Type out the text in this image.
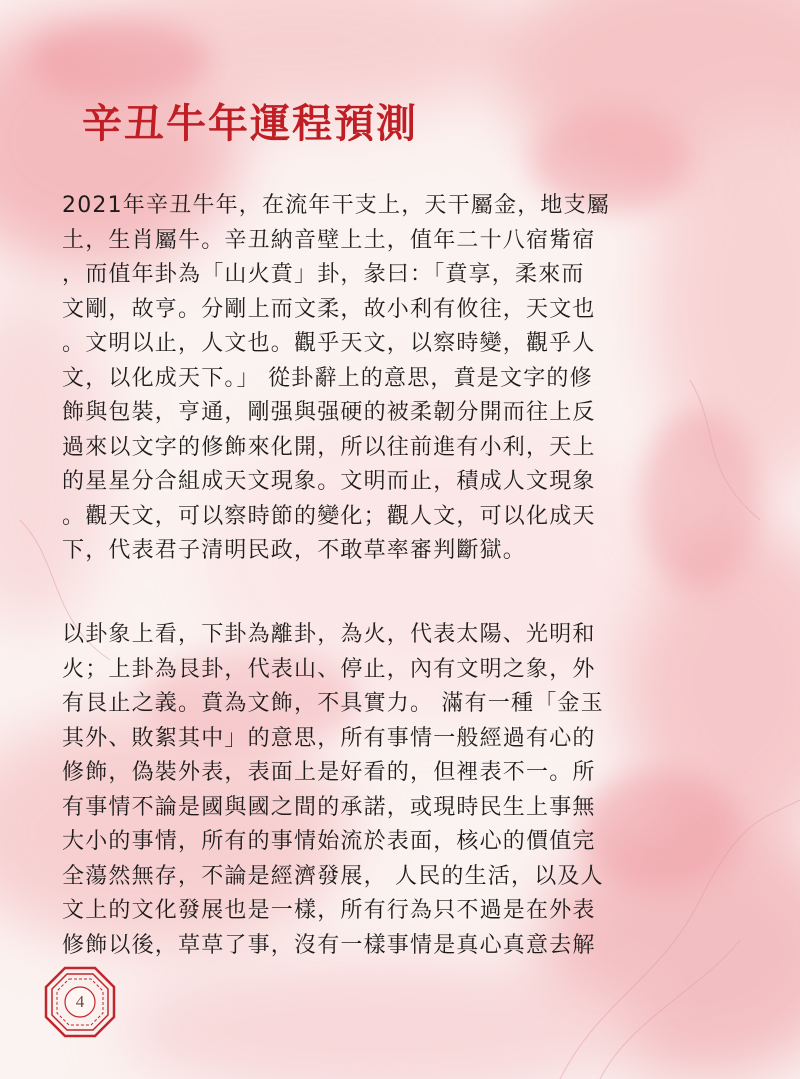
辛丑牛年運程預測
2021年辛丑牛年，在流年干支上，天干屬金，地支屬
土，生肖屬牛。辛丑納音壁上土，值年二十八宿觜宿
，而值年卦為「山火賁」卦，彖曰：「賁享，柔來而
文剛，故亨。分剛上而文柔，故小利有攸往，天文也
。文明以止，人文也。觀乎天文，以察時變，觀乎人
文，以化成天下。」 從卦辭上的意思，賁是文字的修
飾與包裝，亨通，剛强與强硬的被柔韌分開而往上反
過來以文字的修飾來化開，所以往前進有小利，天上
的星星分合組成天文現象。文明而止，積成人文現象
。觀天文，可以察時節的變化；觀人文，可以化成天
下，代表君子清明民政，不敢草率審判斷獄。
以卦象上看，下卦為離卦，為火，代表太陽、光明和
火；上卦為艮卦，代表山、停止，內有文明之象，外
有艮止之義。賁為文飾，不具實力。 滿有一種「金玉
其外、敗絮其中」的意思，所有事情一般經過有心的
修飾，偽裝外表，表面上是好看的，但裡表不一。所
有事情不論是國與國之間的承諾，或現時民生上事無
大小的事情，所有的事情始流於表面，核心的價值完
全蕩然無存，不論是經濟發展， 人民的生活，以及人
文上的文化發展也是一樣，所有行為只不過是在外表
修飾以後，草草了事，沒有一樣事情是真心真意去解
4
